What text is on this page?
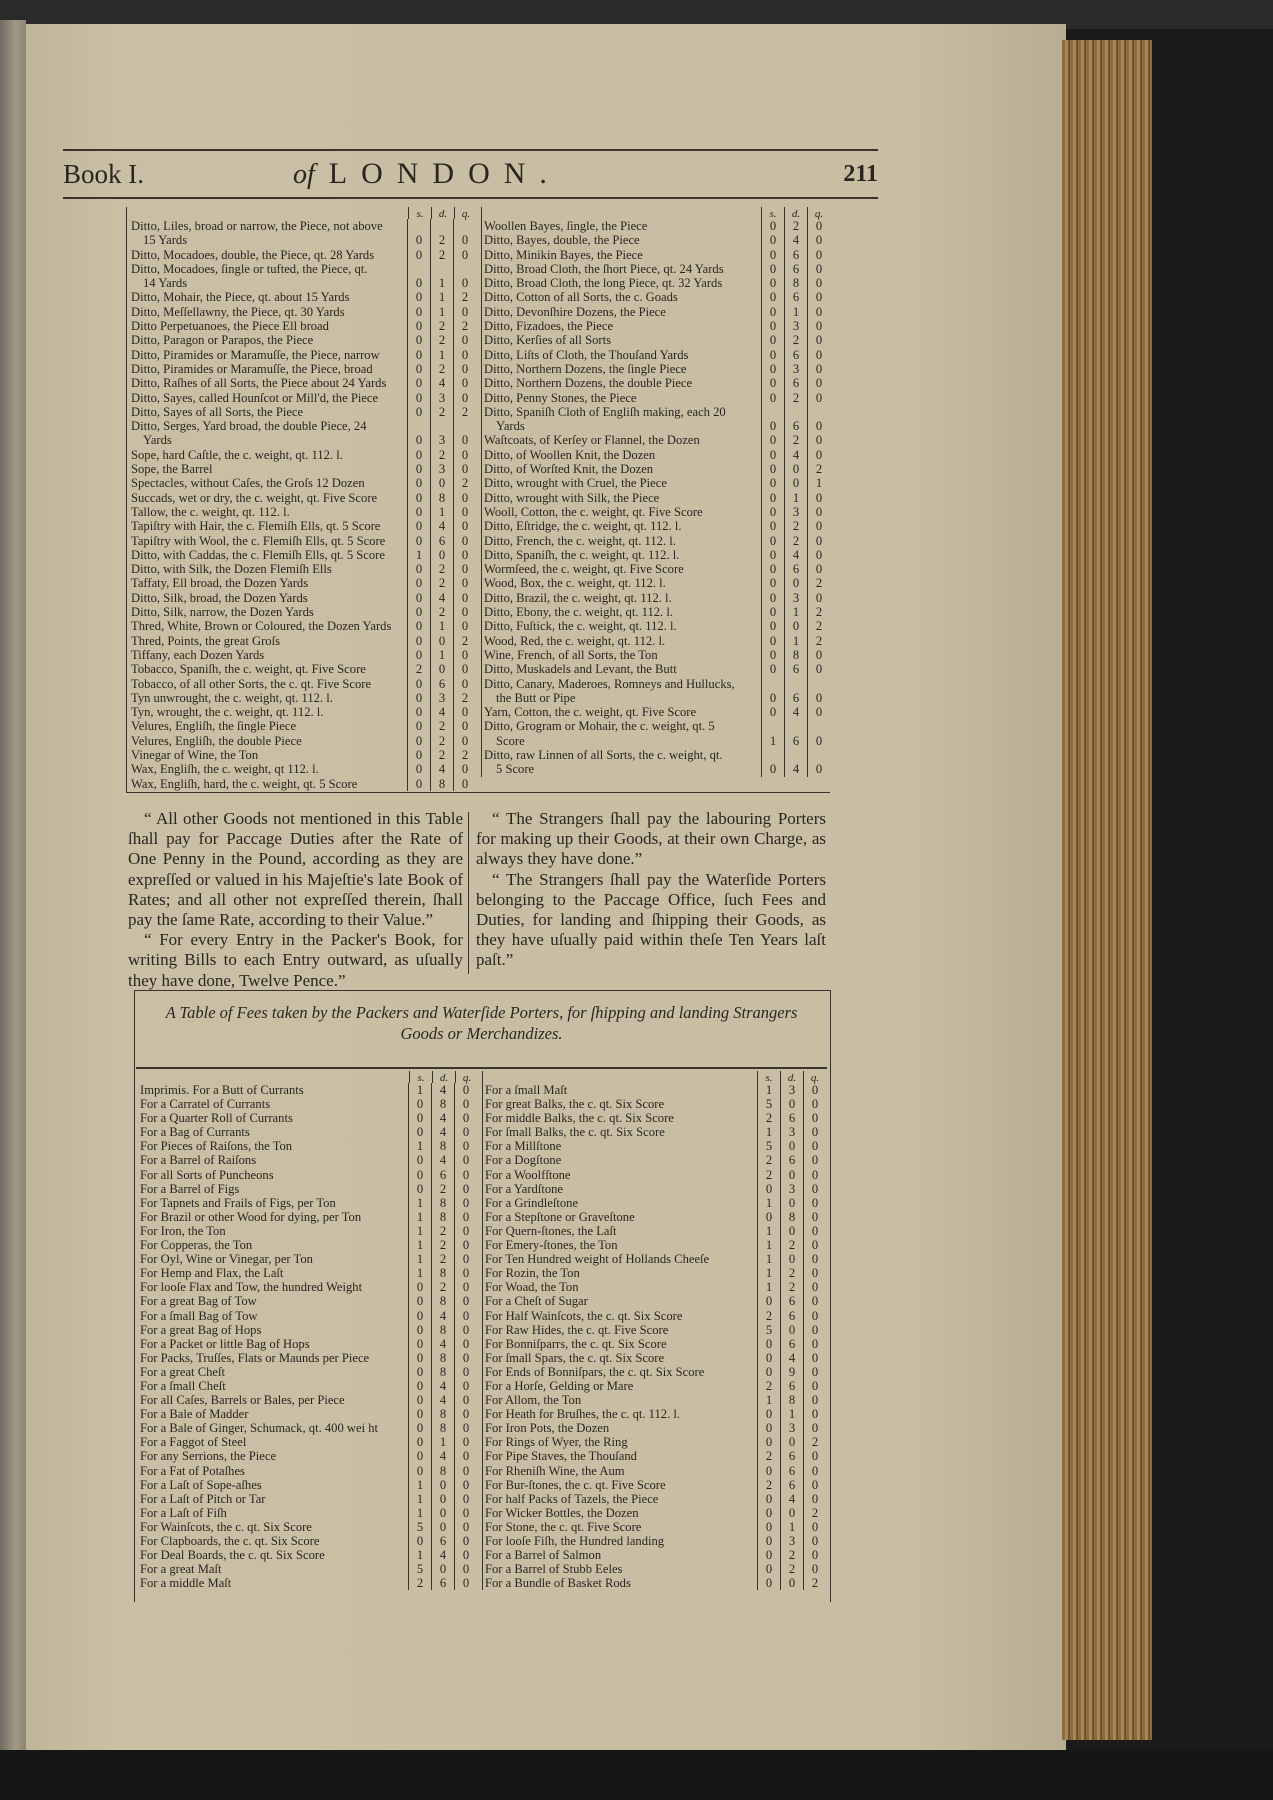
Book I.	of LONDON.	211
s.	d.	q.
Ditto, Liles, broad or narrow, the Piece, not above
15 Yards	0	2	0
Ditto, Mocadoes, double, the Piece, qt. 28 Yards	0	2	0
Ditto, Mocadoes, ſingle or tufted, the Piece, qt.
14 Yards	0	1	0
Ditto, Mohair, the Piece, qt. about 15 Yards	0	1	2
Ditto, Meſſellawny, the Piece, qt. 30 Yards	0	1	0
Ditto Perpetuanoes, the Piece Ell broad	0	2	2
Ditto, Paragon or Parapos, the Piece	0	2	0
Ditto, Piramides or Maramuſſe, the Piece, narrow	0	1	0
Ditto, Piramides or Maramuſſe, the Piece, broad	0	2	0
Ditto, Raſhes of all Sorts, the Piece about 24 Yards	0	4	0
Ditto, Sayes, called Hounſcot or Mill'd, the Piece	0	3	0
Ditto, Sayes of all Sorts, the Piece	0	2	2
Ditto, Serges, Yard broad, the double Piece, 24
Yards	0	3	0
Sope, hard Caſtle, the c. weight, qt. 112. l.	0	2	0
Sope, the Barrel	0	3	0
Spectacles, without Caſes, the Groſs 12 Dozen	0	0	2
Succads, wet or dry, the c. weight, qt. Five Score	0	8	0
Tallow, the c. weight, qt. 112. l.	0	1	0
Tapiſtry with Hair, the c. Flemiſh Ells, qt. 5 Score	0	4	0
Tapiſtry with Wool, the c. Flemiſh Ells, qt. 5 Score	0	6	0
Ditto, with Caddas, the c. Flemiſh Ells, qt. 5 Score	1	0	0
Ditto, with Silk, the Dozen Flemiſh Ells	0	2	0
Taffaty, Ell broad, the Dozen Yards	0	2	0
Ditto, Silk, broad, the Dozen Yards	0	4	0
Ditto, Silk, narrow, the Dozen Yards	0	2	0
Thred, White, Brown or Coloured, the Dozen Yards	0	1	0
Thred, Points, the great Groſs	0	0	2
Tiffany, each Dozen Yards	0	1	0
Tobacco, Spaniſh, the c. weight, qt. Five Score	2	0	0
Tobacco, of all other Sorts, the c. qt. Five Score	0	6	0
Tyn unwrought, the c. weight, qt. 112. l.	0	3	2
Tyn, wrought, the c. weight, qt. 112. l.	0	4	0
Velures, Engliſh, the ſingle Piece	0	2	0
Velures, Engliſh, the double Piece	0	2	0
Vinegar of Wine, the Ton	0	2	2
Wax, Engliſh, the c. weight, qt 112. l.	0	4	0
Wax, Engliſh, hard, the c. weight, qt. 5 Score	0	8	0
s.	d.	q.
Woollen Bayes, ſingle, the Piece	0	2	0
Ditto, Bayes, double, the Piece	0	4	0
Ditto, Minikin Bayes, the Piece	0	6	0
Ditto, Broad Cloth, the ſhort Piece, qt. 24 Yards	0	6	0
Ditto, Broad Cloth, the long Piece, qt. 32 Yards	0	8	0
Ditto, Cotton of all Sorts, the c. Goads	0	6	0
Ditto, Devonſhire Dozens, the Piece	0	1	0
Ditto, Fizadoes, the Piece	0	3	0
Ditto, Kerſies of all Sorts	0	2	0
Ditto, Liſts of Cloth, the Thouſand Yards	0	6	0
Ditto, Northern Dozens, the ſingle Piece	0	3	0
Ditto, Northern Dozens, the double Piece	0	6	0
Ditto, Penny Stones, the Piece	0	2	0
Ditto, Spaniſh Cloth of Engliſh making, each 20
Yards	0	6	0
Waſtcoats, of Kerſey or Flannel, the Dozen	0	2	0
Ditto, of Woollen Knit, the Dozen	0	4	0
Ditto, of Worſted Knit, the Dozen	0	0	2
Ditto, wrought with Cruel, the Piece	0	0	1
Ditto, wrought with Silk, the Piece	0	1	0
Wooll, Cotton, the c. weight, qt. Five Score	0	3	0
Ditto, Eſtridge, the c. weight, qt. 112. l.	0	2	0
Ditto, French, the c. weight, qt. 112. l.	0	2	0
Ditto, Spaniſh, the c. weight, qt. 112. l.	0	4	0
Wormſeed, the c. weight, qt. Five Score	0	6	0
Wood, Box, the c. weight, qt. 112. l.	0	0	2
Ditto, Brazil, the c. weight, qt. 112. l.	0	3	0
Ditto, Ebony, the c. weight, qt. 112. l.	0	1	2
Ditto, Fuſtick, the c. weight, qt. 112. l.	0	0	2
Wood, Red, the c. weight, qt. 112. l.	0	1	2
Wine, French, of all Sorts, the Ton	0	8	0
Ditto, Muskadels and Levant, the Butt	0	6	0
Ditto, Canary, Maderoes, Romneys and Hullucks,
the Butt or Pipe	0	6	0
Yarn, Cotton, the c. weight, qt. Five Score	0	4	0
Ditto, Grogram or Mohair, the c. weight, qt. 5
Score	1	6	0
Ditto, raw Linnen of all Sorts, the c. weight, qt.
5 Score	0	4	0

“ All other Goods not mentioned in this Table ſhall pay for Paccage Duties after the Rate of One Penny in the Pound, according as they are expreſſed or valued in his Majeſtie's late Book of Rates; and all other not expreſſed therein, ſhall pay the ſame Rate, according to their Value.”

“ For every Entry in the Packer's Book, for writing Bills to each Entry outward, as uſually they have done, Twelve Pence.”

“ The Strangers ſhall pay the labouring Porters for making up their Goods, at their own Charge, as always they have done.”

“ The Strangers ſhall pay the Waterſide Porters belonging to the Paccage Office, ſuch Fees and Duties, for landing and ſhipping their Goods, as they have uſually paid within theſe Ten Years laſt paſt.”

A Table of Fees taken by the Packers and Waterſide Porters, for ſhipping and landing Strangers Goods or Merchandizes.
s.	d.	q.
Imprimis. For a Butt of Currants	1	4	0
For a Carratel of Currants	0	8	0
For a Quarter Roll of Currants	0	4	0
For a Bag of Currants	0	4	0
For Pieces of Raiſons, the Ton	1	8	0
For a Barrel of Raiſons	0	4	0
For all Sorts of Puncheons	0	6	0
For a Barrel of Figs	0	2	0
For Tapnets and Frails of Figs, per Ton	1	8	0
For Brazil or other Wood for dying, per Ton	1	8	0
For Iron, the Ton	1	2	0
For Copperas, the Ton	1	2	0
For Oyl, Wine or Vinegar, per Ton	1	2	0
For Hemp and Flax, the Laſt	1	8	0
For looſe Flax and Tow, the hundred Weight	0	2	0
For a great Bag of Tow	0	8	0
For a ſmall Bag of Tow	0	4	0
For a great Bag of Hops	0	8	0
For a Packet or little Bag of Hops	0	4	0
For Packs, Truſſes, Flats or Maunds per Piece	0	8	0
For a great Cheſt	0	8	0
For a ſmall Cheſt	0	4	0
For all Caſes, Barrels or Bales, per Piece	0	4	0
For a Bale of Madder	0	8	0
For a Bale of Ginger, Schumack, qt. 400 wei ht	0	8	0
For a Faggot of Steel	0	1	0
For any Serrions, the Piece	0	4	0
For a Fat of Potaſhes	0	8	0
For a Laſt of Sope-aſhes	1	0	0
For a Laſt of Pitch or Tar	1	0	0
For a Laſt of Fiſh	1	0	0
For Wainſcots, the c. qt. Six Score	5	0	0
For Clapboards, the c. qt. Six Score	0	6	0
For Deal Boards, the c. qt. Six Score	1	4	0
For a great Maſt	5	0	0
For a middle Maſt	2	6	0
s.	d.	q.
For a ſmall Maſt	1	3	0
For great Balks, the c. qt. Six Score	5	0	0
For middle Balks, the c. qt. Six Score	2	6	0
For ſmall Balks, the c. qt. Six Score	1	3	0
For a Millſtone	5	0	0
For a Dogſtone	2	6	0
For a Woolfſtone	2	0	0
For a Yardſtone	0	3	0
For a Grindleſtone	1	0	0
For a Stepſtone or Graveſtone	0	8	0
For Quern-ſtones, the Laſt	1	0	0
For Emery-ſtones, the Ton	1	2	0
For Ten Hundred weight of Hollands Cheeſe	1	0	0
For Rozin, the Ton	1	2	0
For Woad, the Ton	1	2	0
For a Cheſt of Sugar	0	6	0
For Half Wainſcots, the c. qt. Six Score	2	6	0
For Raw Hides, the c. qt. Five Score	5	0	0
For Bonniſparrs, the c. qt. Six Score	0	6	0
For ſmall Spars, the c. qt. Six Score	0	4	0
For Ends of Bonniſpars, the c. qt. Six Score	0	9	0
For a Horſe, Gelding or Mare	2	6	0
For Allom, the Ton	1	8	0
For Heath for Bruſhes, the c. qt. 112. l.	0	1	0
For Iron Pots, the Dozen	0	3	0
For Rings of Wyer, the Ring	0	0	2
For Pipe Staves, the Thouſand	2	6	0
For Rheniſh Wine, the Aum	0	6	0
For Bur-ſtones, the c. qt. Five Score	2	6	0
For half Packs of Tazels, the Piece	0	4	0
For Wicker Bottles, the Dozen	0	0	2
For Stone, the c. qt. Five Score	0	1	0
For looſe Fiſh, the Hundred landing	0	3	0
For a Barrel of Salmon	0	2	0
For a Barrel of Stubb Eeles	0	2	0
For a Bundle of Basket Rods	0	0	2
